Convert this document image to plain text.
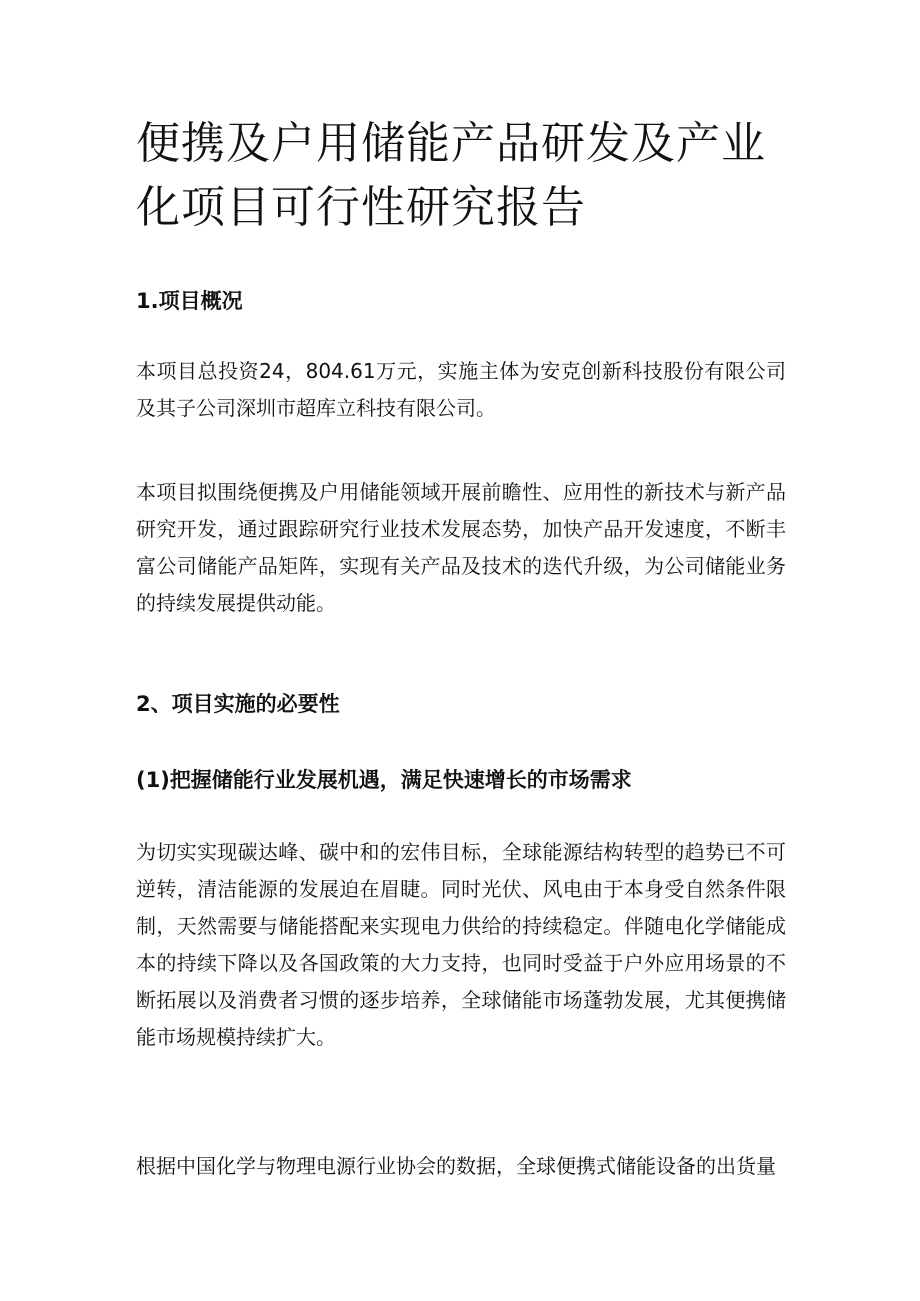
便携及户用储能产品研发及产业化项目可行性研究报告
1.项目概况

本项目总投资24，804.61万元，实施主体为安克创新科技股份有限公司及其子公司深圳市超库立科技有限公司。

本项目拟围绕便携及户用储能领域开展前瞻性、应用性的新技术与新产品研究开发，通过跟踪研究行业技术发展态势，加快产品开发速度，不断丰富公司储能产品矩阵，实现有关产品及技术的迭代升级，为公司储能业务的持续发展提供动能。

2、项目实施的必要性
(1)把握储能行业发展机遇，满足快速增长的市场需求

为切实实现碳达峰、碳中和的宏伟目标，全球能源结构转型的趋势已不可逆转，清洁能源的发展迫在眉睫。同时光伏、风电由于本身受自然条件限制，天然需要与储能搭配来实现电力供给的持续稳定。伴随电化学储能成本的持续下降以及各国政策的大力支持，也同时受益于户外应用场景的不断拓展以及消费者习惯的逐步培养，全球储能市场蓬勃发展，尤其便携储能市场规模持续扩大。

根据中国化学与物理电源行业协会的数据，全球便携式储能设备的出货量
